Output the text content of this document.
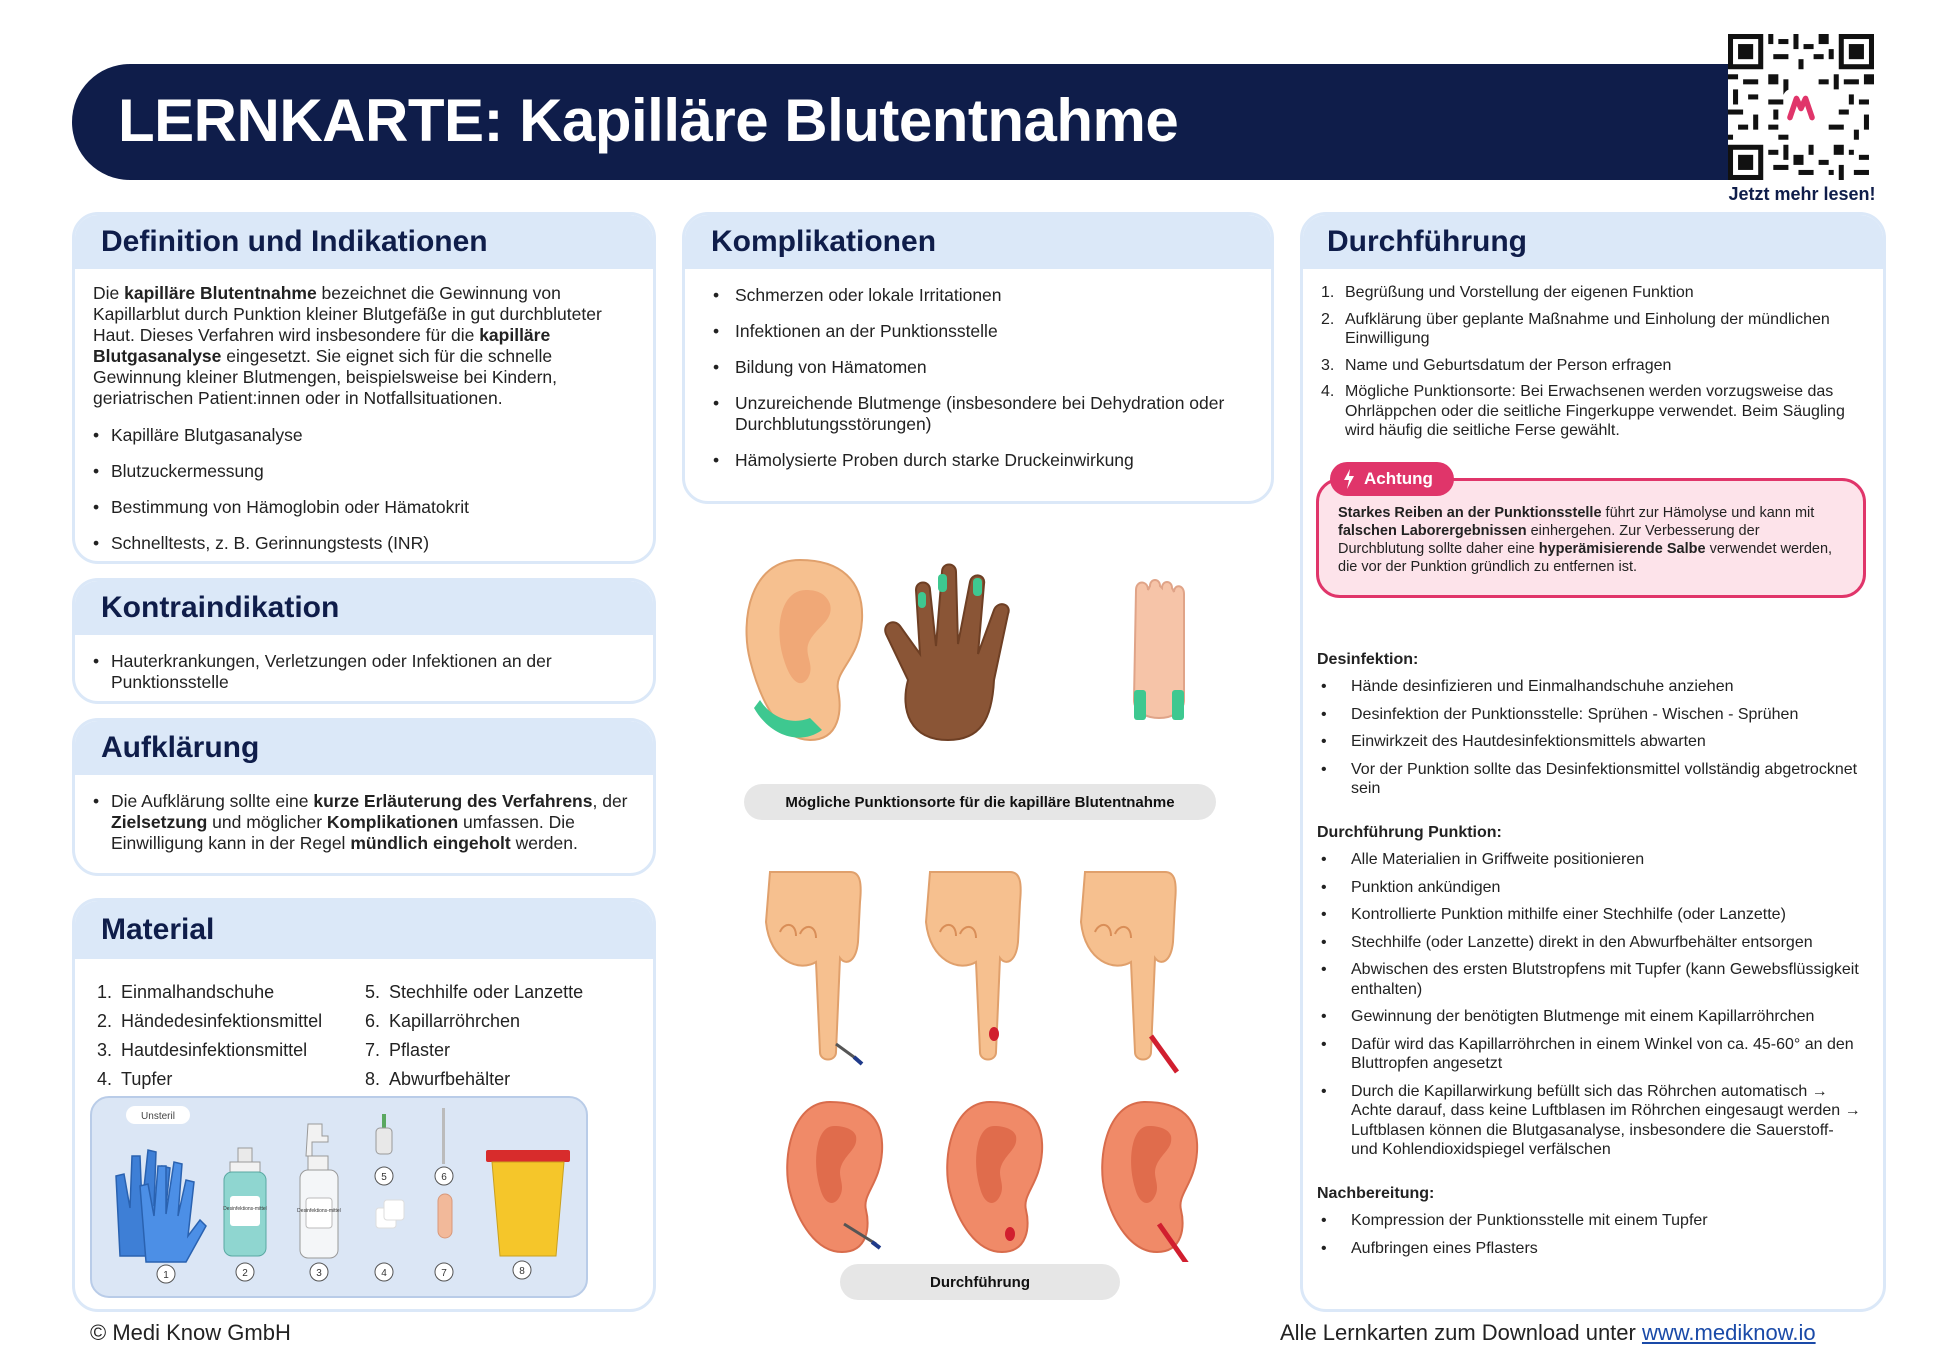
LERNKARTE: Kapilläre Blutentnahme
Jetzt mehr lesen!
Definition und Indikationen
Die kapilläre Blutentnahme bezeichnet die Gewinnung von Kapillarblut durch Punktion kleiner Blutgefäße in gut durchbluteter Haut. Dieses Verfahren wird insbesondere für die kapilläre Blutgasanalyse eingesetzt. Sie eignet sich für die schnelle Gewinnung kleiner Blutmengen, beispielsweise bei Kindern, geriatrischen Patient:innen oder in Notfallsituationen.
• Kapilläre Blutgasanalyse
• Blutzuckermessung
• Bestimmung von Hämoglobin oder Hämatokrit
• Schnelltests, z. B. Gerinnungstests (INR)
Kontraindikation
• Hauterkrankungen, Verletzungen oder Infektionen an der Punktionsstelle
Aufklärung
• Die Aufklärung sollte eine kurze Erläuterung des Verfahrens, der Zielsetzung und möglicher Komplikationen umfassen. Die Einwilligung kann in der Regel mündlich eingeholt werden.
Material
1. Einmalhandschuhe	5. Stechhilfe oder Lanzette
2. Händedesinfektionsmittel	6. Kapillarröhrchen
3. Hautdesinfektionsmittel	7. Pflaster
4. Tupfer	8. Abwurfbehälter
Unsteril
Desinfektions-mittel	Desinfektions-mittel
1	2	3
5	6
4	7	8
Komplikationen
• Schmerzen oder lokale Irritationen
• Infektionen an der Punktionsstelle
• Bildung von Hämatomen
• Unzureichende Blutmenge (insbesondere bei Dehydration oder Durchblutungsstörungen)
• Hämolysierte Proben durch starke Druckeinwirkung
Mögliche Punktionsorte für die kapilläre Blutentnahme
Durchführung
Durchführung
1. Begrüßung und Vorstellung der eigenen Funktion
2. Aufklärung über geplante Maßnahme und Einholung der mündlichen Einwilligung
3. Name und Geburtsdatum der Person erfragen
4. Mögliche Punktionsorte: Bei Erwachsenen werden vorzugsweise das Ohrläppchen oder die seitliche Fingerkuppe verwendet. Beim Säugling wird häufig die seitliche Ferse gewählt.
Desinfektion:
• Hände desinfizieren und Einmalhandschuhe anziehen
• Desinfektion der Punktionsstelle: Sprühen - Wischen - Sprühen
• Einwirkzeit des Hautdesinfektionsmittels abwarten
• Vor der Punktion sollte das Desinfektionsmittel vollständig abgetrocknet sein
Durchführung Punktion:
• Alle Materialien in Griffweite positionieren
• Punktion ankündigen
• Kontrollierte Punktion mithilfe einer Stechhilfe (oder Lanzette)
• Stechhilfe (oder Lanzette) direkt in den Abwurfbehälter entsorgen
• Abwischen des ersten Blutstropfens mit Tupfer (kann Gewebsflüssigkeit enthalten)
• Gewinnung der benötigten Blutmenge mit einem Kapillarröhrchen
• Dafür wird das Kapillarröhrchen in einem Winkel von ca. 45-60° an den Bluttropfen angesetzt
• Durch die Kapillarwirkung befüllt sich das Röhrchen automatisch → Achte darauf, dass keine Luftblasen im Röhrchen eingesaugt werden → Luftblasen können die Blutgasanalyse, insbesondere die Sauerstoff- und Kohlendioxidspiegel verfälschen
Nachbereitung:
• Kompression der Punktionsstelle mit einem Tupfer
• Aufbringen eines Pflasters
Achtung
Starkes Reiben an der Punktionsstelle führt zur Hämolyse und kann mit falschen Laborergebnissen einhergehen. Zur Verbesserung der Durchblutung sollte daher eine hyperämisierende Salbe verwendet werden, die vor der Punktion gründlich zu entfernen ist.
© Medi Know GmbH	Alle Lernkarten zum Download unter www.mediknow.io
